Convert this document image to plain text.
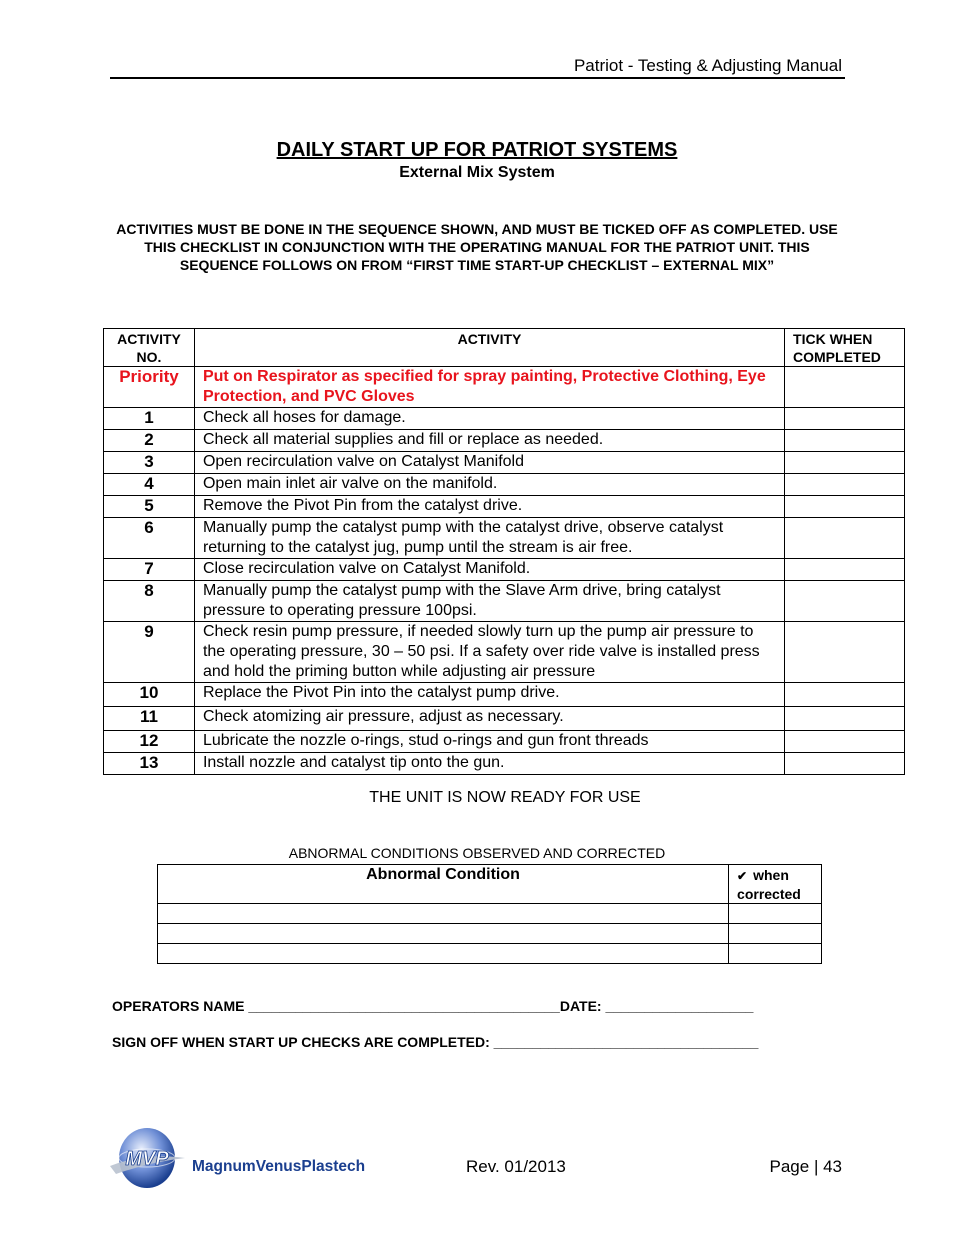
Patriot - Testing & Adjusting Manual
DAILY START UP FOR PATRIOT SYSTEMS
External Mix System
ACTIVITIES MUST BE DONE IN THE SEQUENCE SHOWN, AND MUST BE TICKED OFF AS COMPLETED. USE THIS CHECKLIST IN CONJUNCTION WITH THE OPERATING MANUAL FOR THE PATRIOT UNIT. THIS SEQUENCE FOLLOWS ON FROM “FIRST TIME START-UP CHECKLIST – EXTERNAL MIX”
ACTIVITY NO.	ACTIVITY	TICK WHEN COMPLETED
Priority	Put on Respirator as specified for spray painting, Protective Clothing, Eye Protection, and PVC Gloves	
1	Check all hoses for damage.	
2	Check all material supplies and fill or replace as needed.	
3	Open recirculation valve on Catalyst Manifold	
4	Open main inlet air valve on the manifold.	
5	Remove the Pivot Pin from the catalyst drive.	
6	Manually pump the catalyst pump with the catalyst drive, observe catalyst returning to the catalyst jug, pump until the stream is air free.	
7	Close recirculation valve on Catalyst Manifold.	
8	Manually pump the catalyst pump with the Slave Arm drive, bring catalyst pressure to operating pressure 100psi.	
9	Check resin pump pressure, if needed slowly turn up the pump air pressure to the operating pressure, 30 – 50 psi. If a safety over ride valve is installed press and hold the priming button while adjusting air pressure	
10	Replace the Pivot Pin into the catalyst pump drive.	
11	Check atomizing air pressure, adjust as necessary.	
12	Lubricate the nozzle o-rings, stud o-rings and gun front threads	
13	Install nozzle and catalyst tip onto the gun.	
THE UNIT IS NOW READY FOR USE
ABNORMAL CONDITIONS OBSERVED AND CORRECTED
Abnormal Condition	✔ when corrected

OPERATORS NAME ________________________________________DATE: ___________________
SIGN OFF WHEN START UP CHECKS ARE COMPLETED: __________________________________
MVP MagnumVenusPlastech	Rev. 01/2013	Page | 43
